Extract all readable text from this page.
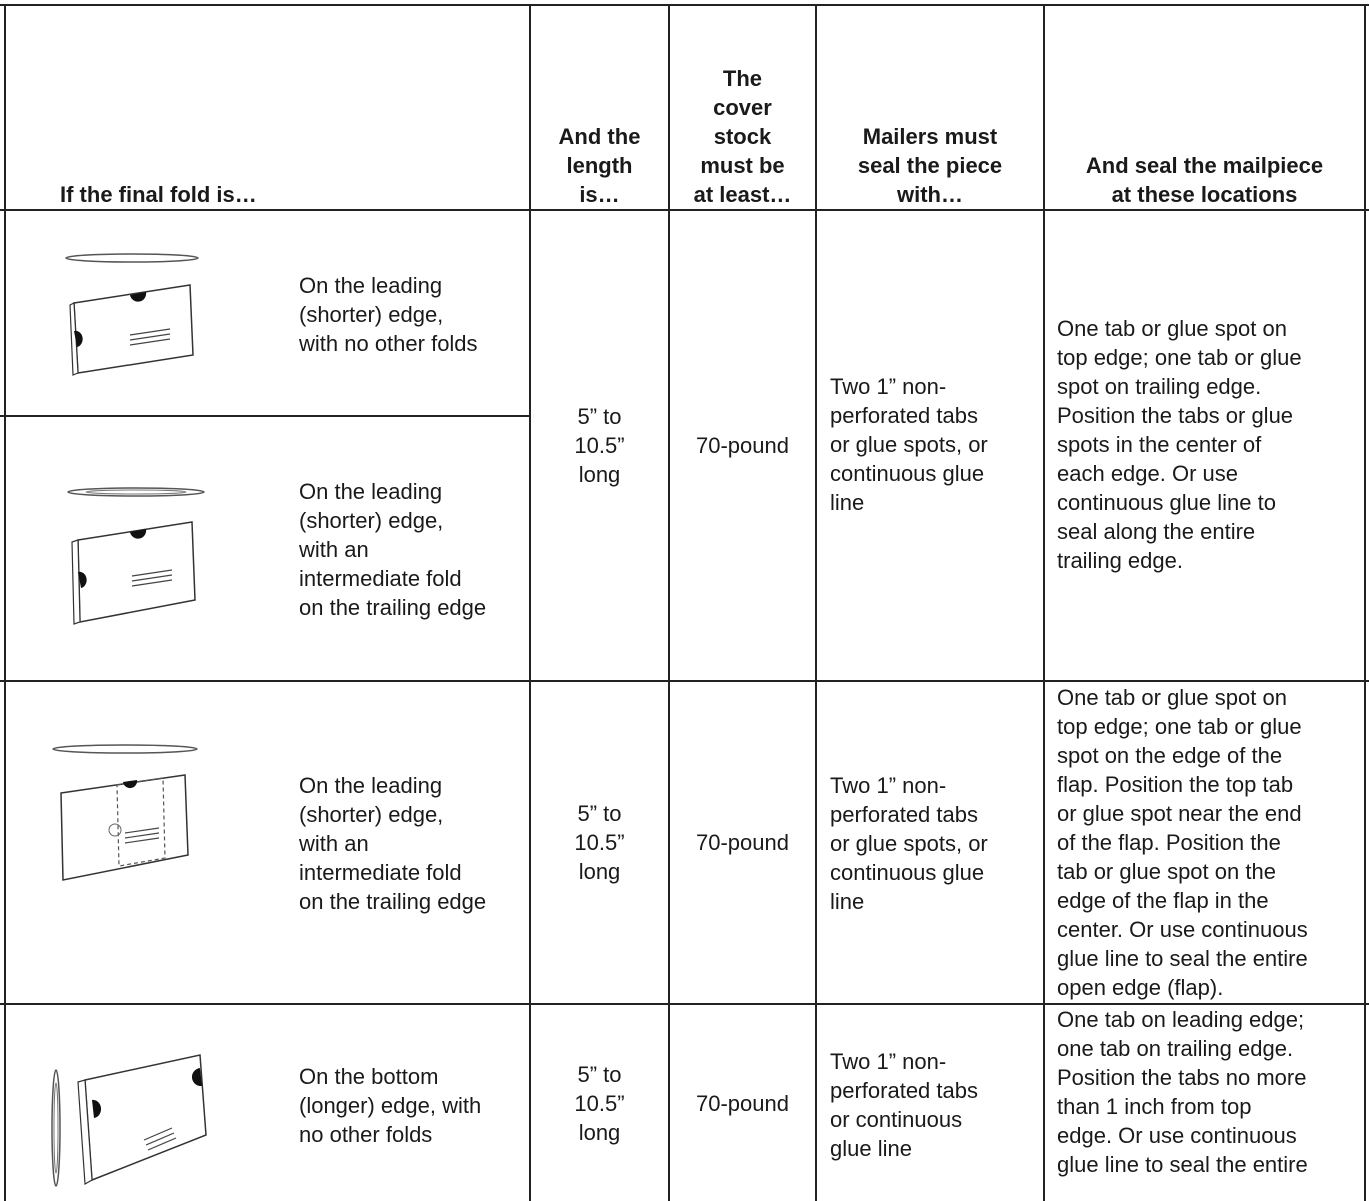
If the final fold is…
And the
length
is…
The
cover
stock
must be
at least…
Mailers must
seal the piece
with…
And seal the mailpiece
at these locations
On the leading
(shorter) edge,
with no other folds
On the leading
(shorter) edge,
with an
intermediate fold
on the trailing edge
5” to
10.5”
long
70-pound
Two 1” non-
perforated tabs
or glue spots, or
continuous glue
line
One tab or glue spot on
top edge; one tab or glue
spot on trailing edge.
Position the tabs or glue
spots in the center of
each edge. Or use
continuous glue line to
seal along the entire
trailing edge.
On the leading
(shorter) edge,
with an
intermediate fold
on the trailing edge
5” to
10.5”
long
70-pound
Two 1” non-
perforated tabs
or glue spots, or
continuous glue
line
One tab or glue spot on
top edge; one tab or glue
spot on the edge of the
flap. Position the top tab
or glue spot near the end
of the flap. Position the
tab or glue spot on the
edge of the flap in the
center. Or use continuous
glue line to seal the entire
open edge (flap).
On the bottom
(longer) edge, with
no other folds
5” to
10.5”
long
70-pound
Two 1” non-
perforated tabs
or continuous
glue line
One tab on leading edge;
one tab on trailing edge.
Position the tabs no more
than 1 inch from top
edge. Or use continuous
glue line to seal the entire
